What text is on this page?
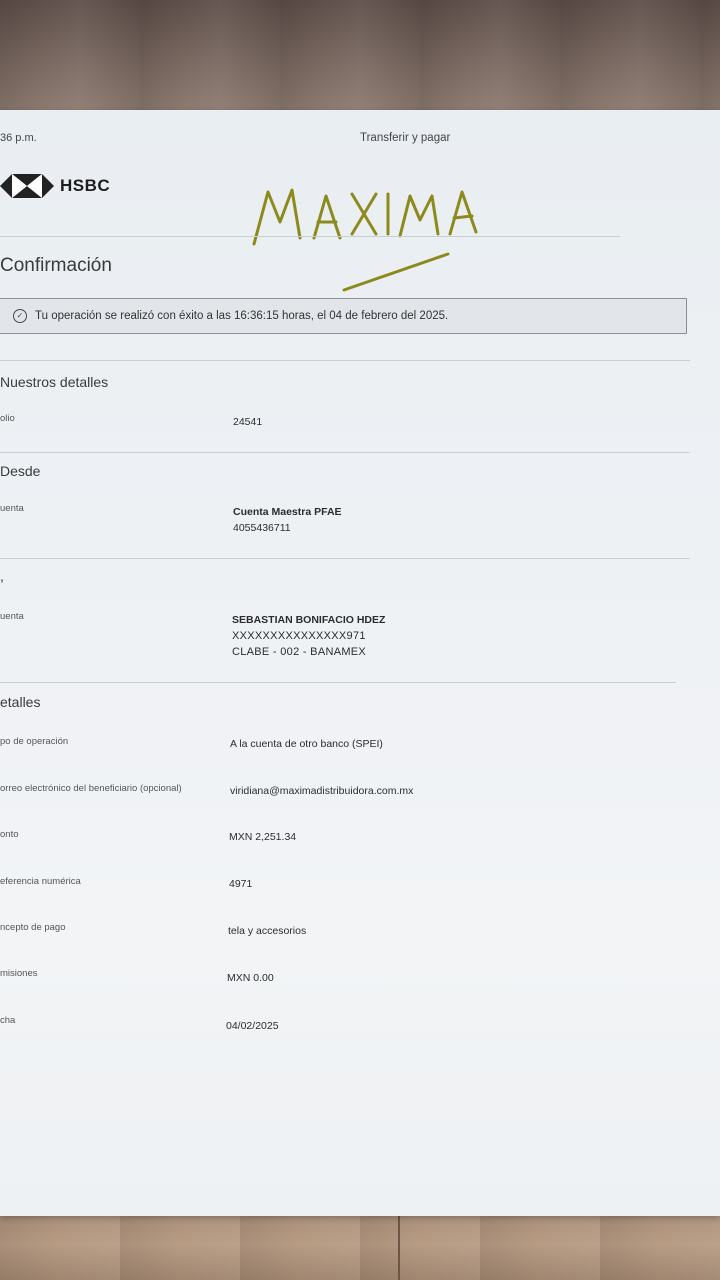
36 p.m.	Transferir y pagar
HSBC
Confirmación
✓	Tu operación se realizó con éxito a las 16:36:15 horas, el 04 de febrero del 2025.
Nuestros detalles
olio	24541
Desde
uenta	Cuenta Maestra PFAE
4055436711
,
uenta	SEBASTIAN BONIFACIO HDEZ
XXXXXXXXXXXXXXX971
CLABE - 002 - BANAMEX
etalles
po de operación	A la cuenta de otro banco (SPEI)
orreo electrónico del beneficiario (opcional)	viridiana@maximadistribuidora.com.mx
onto	MXN 2,251.34
eferencia numérica	4971
ncepto de pago	tela y accesorios
misiones	MXN 0.00
cha	04/02/2025
